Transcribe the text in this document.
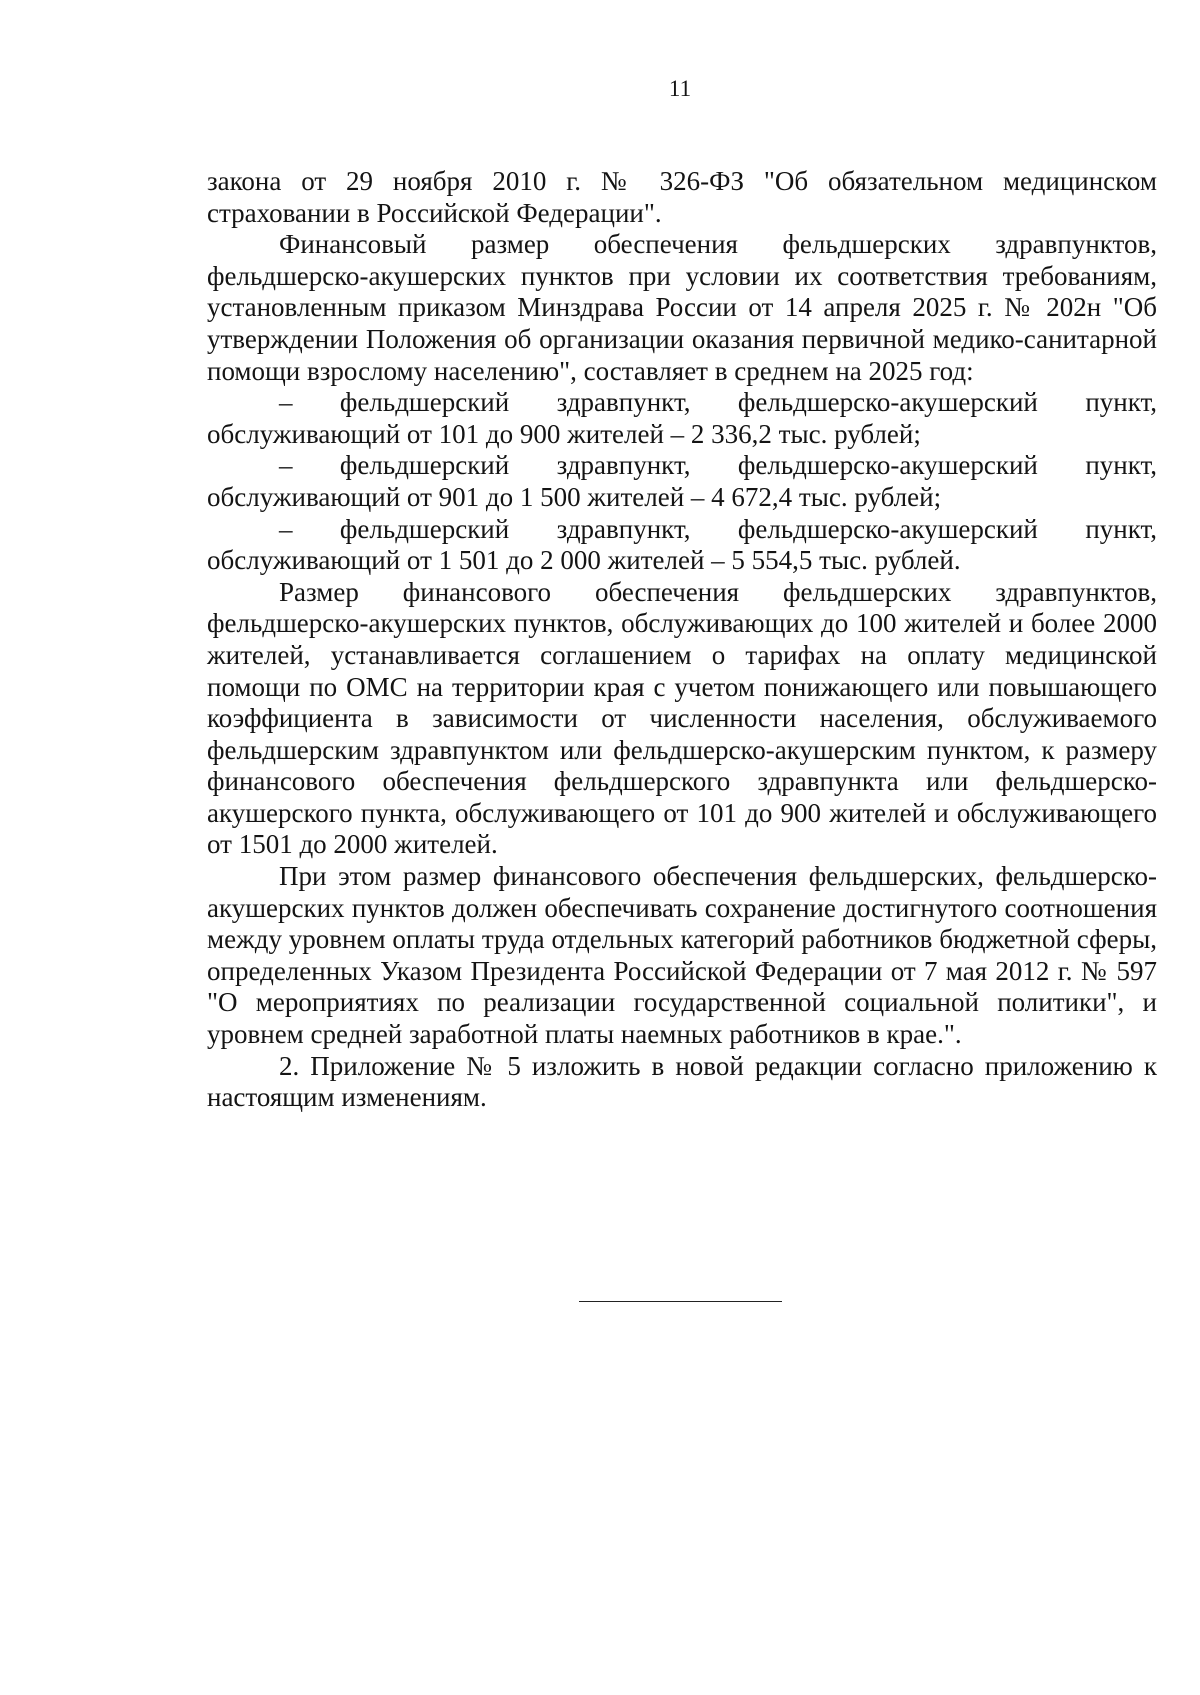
11

закона от 29 ноября 2010 г. № 326-ФЗ "Об обязательном медицинском страховании в Российской Федерации".

Финансовый размер обеспечения фельдшерских здравпунктов, фельдшерско-акушерских пунктов при условии их соответствия требованиям, установленным приказом Минздрава России от 14 апреля 2025 г. № 202н "Об утверждении Положения об организации оказания первичной медико-санитарной помощи взрослому населению", составляет в среднем на 2025 год:

– фельдшерский здравпункт, фельдшерско-акушерский пункт, обслуживающий от 101 до 900 жителей – 2 336,2 тыс. рублей;

– фельдшерский здравпункт, фельдшерско-акушерский пункт, обслуживающий от 901 до 1 500 жителей – 4 672,4 тыс. рублей;

– фельдшерский здравпункт, фельдшерско-акушерский пункт, обслуживающий от 1 501 до 2 000 жителей – 5 554,5 тыс. рублей.

Размер финансового обеспечения фельдшерских здравпунктов, фельдшерско-акушерских пунктов, обслуживающих до 100 жителей и более 2000 жителей, устанавливается соглашением о тарифах на оплату медицинской помощи по ОМС на территории края с учетом понижающего или повышающего коэффициента в зависимости от численности населения, обслуживаемого фельдшерским здравпунктом или фельдшерско-акушерским пунктом, к размеру финансового обеспечения фельдшерского здравпункта или фельдшерско-акушерского пункта, обслуживающего от 101 до 900 жителей и обслуживающего от 1501 до 2000 жителей.

При этом размер финансового обеспечения фельдшерских, фельдшерско-акушерских пунктов должен обеспечивать сохранение достигнутого соотношения между уровнем оплаты труда отдельных категорий работников бюджетной сферы, определенных Указом Президента Российской Федерации от 7 мая 2012 г. № 597 "О мероприятиях по реализации государственной социальной политики", и уровнем средней заработной платы наемных работников в крае.".

2. Приложение № 5 изложить в новой редакции согласно приложению к настоящим изменениям.
